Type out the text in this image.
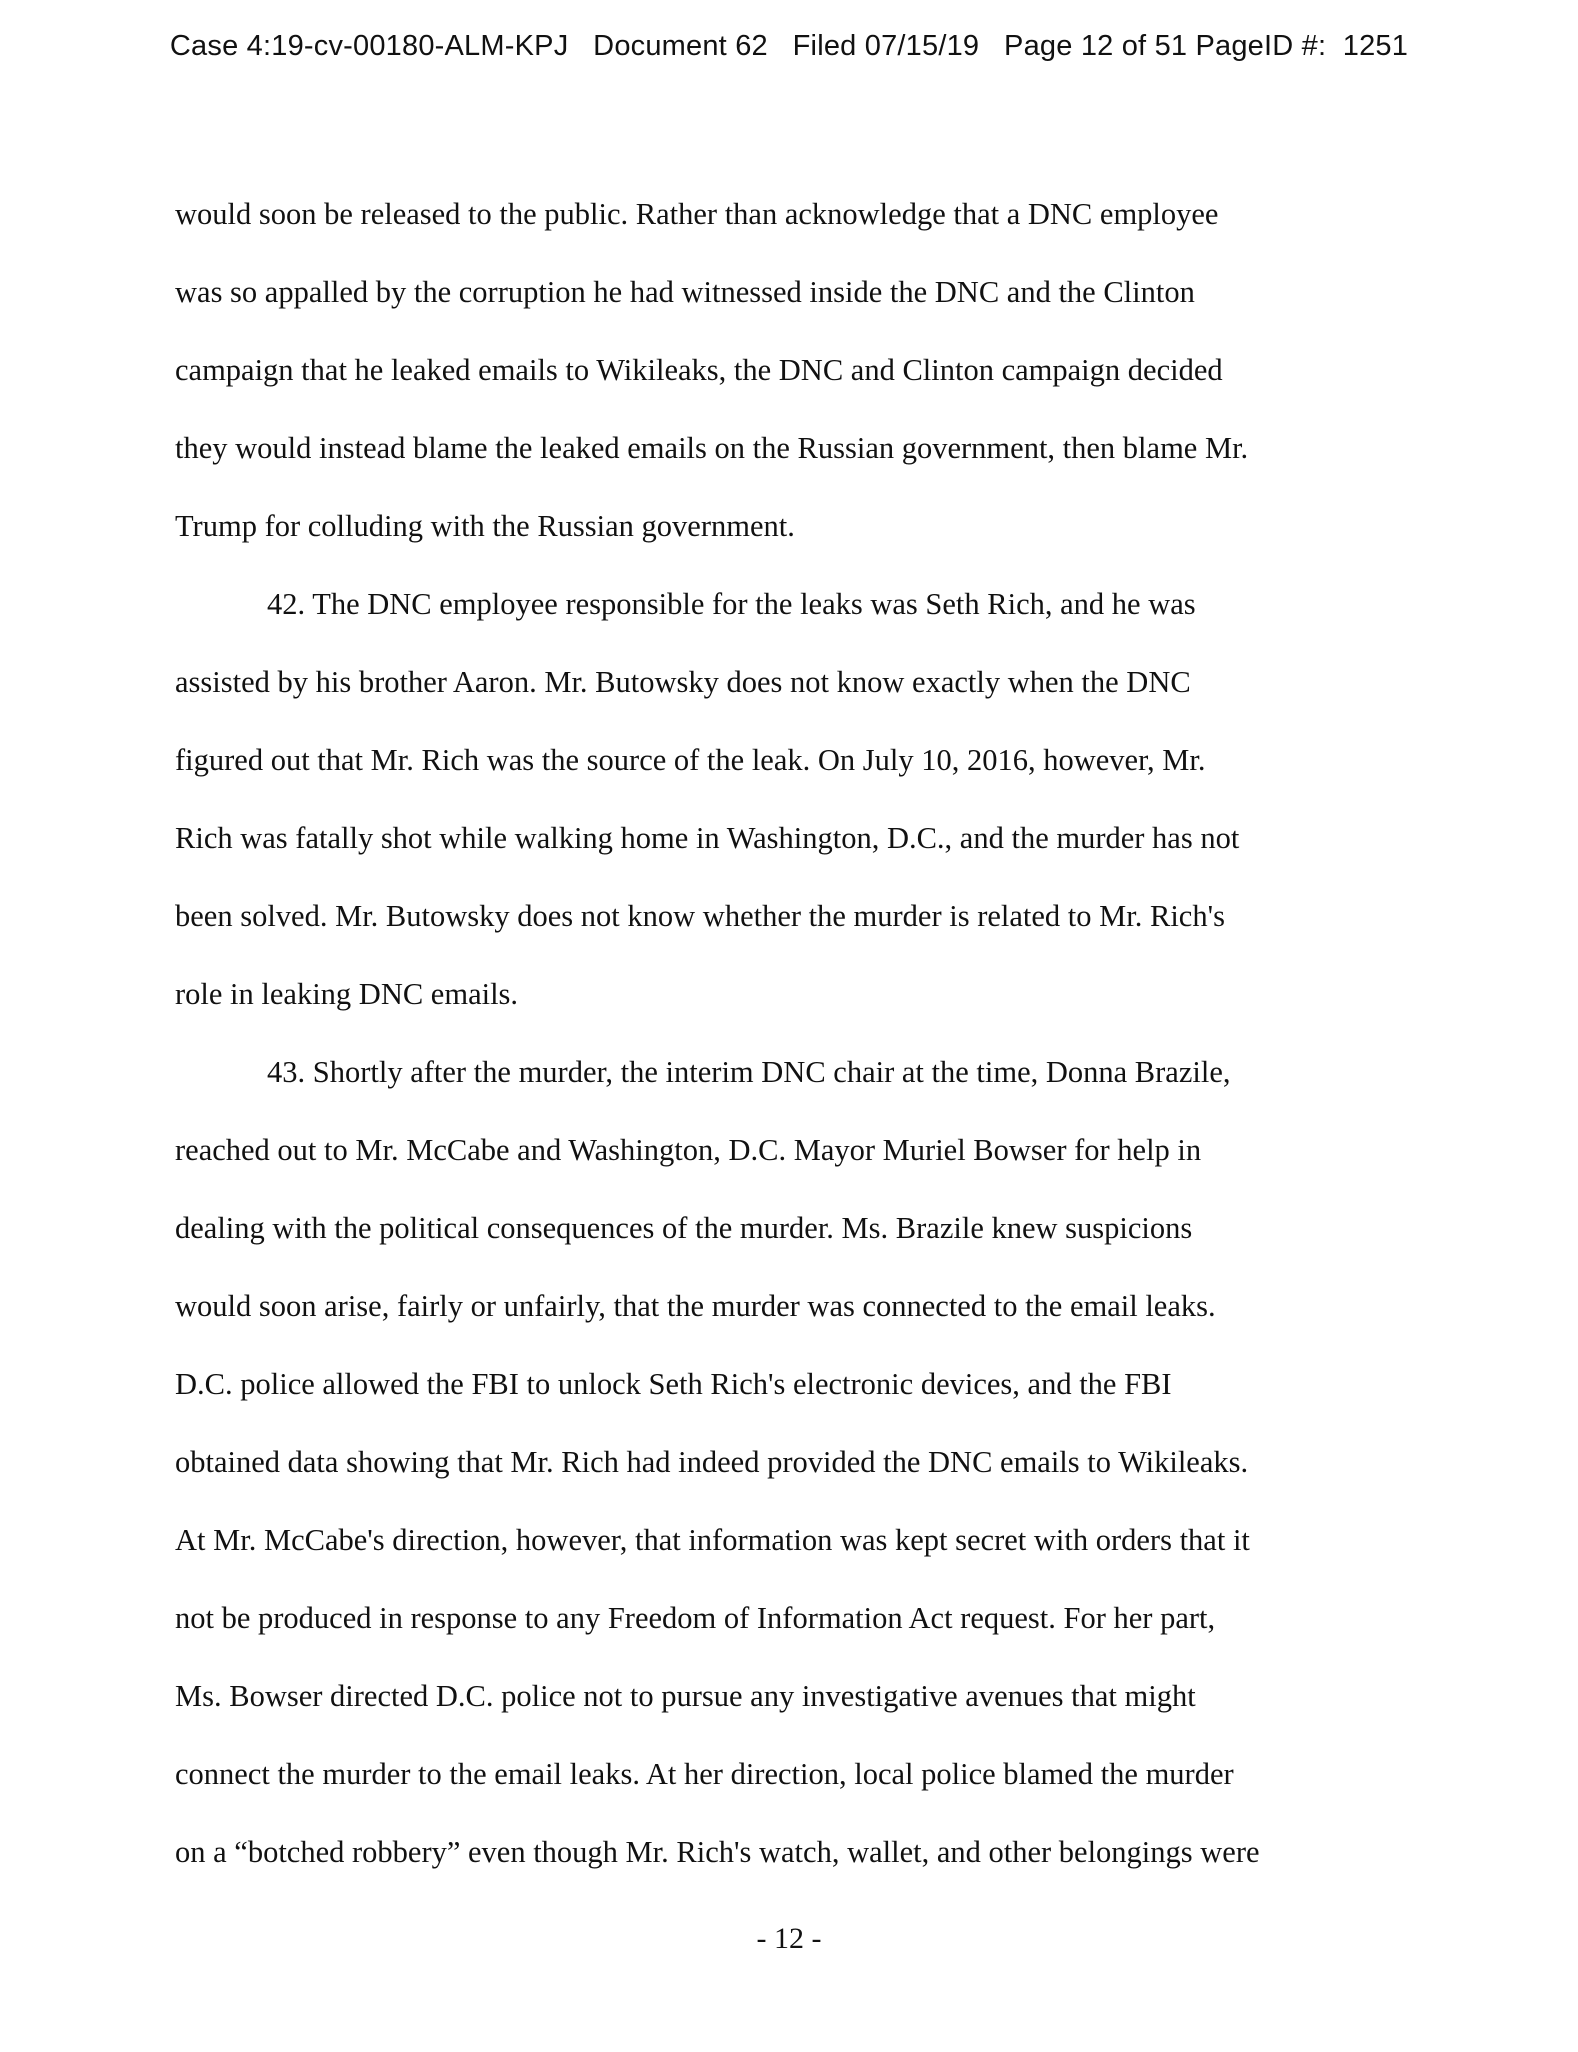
Case 4:19-cv-00180-ALM-KPJ Document 62 Filed 07/15/19 Page 12 of 51 PageID #:  1251
would soon be released to the public. Rather than acknowledge that a DNC employee
was so appalled by the corruption he had witnessed inside the DNC and the Clinton
campaign that he leaked emails to Wikileaks, the DNC and Clinton campaign decided
they would instead blame the leaked emails on the Russian government, then blame Mr.
Trump for colluding with the Russian government.
42. The DNC employee responsible for the leaks was Seth Rich, and he was
assisted by his brother Aaron. Mr. Butowsky does not know exactly when the DNC
figured out that Mr. Rich was the source of the leak. On July 10, 2016, however, Mr.
Rich was fatally shot while walking home in Washington, D.C., and the murder has not
been solved. Mr. Butowsky does not know whether the murder is related to Mr. Rich's
role in leaking DNC emails.
43. Shortly after the murder, the interim DNC chair at the time, Donna Brazile,
reached out to Mr. McCabe and Washington, D.C. Mayor Muriel Bowser for help in
dealing with the political consequences of the murder. Ms. Brazile knew suspicions
would soon arise, fairly or unfairly, that the murder was connected to the email leaks.
D.C. police allowed the FBI to unlock Seth Rich's electronic devices, and the FBI
obtained data showing that Mr. Rich had indeed provided the DNC emails to Wikileaks.
At Mr. McCabe's direction, however, that information was kept secret with orders that it
not be produced in response to any Freedom of Information Act request. For her part,
Ms. Bowser directed D.C. police not to pursue any investigative avenues that might
connect the murder to the email leaks. At her direction, local police blamed the murder
on a “botched robbery” even though Mr. Rich's watch, wallet, and other belongings were
- 12 -
